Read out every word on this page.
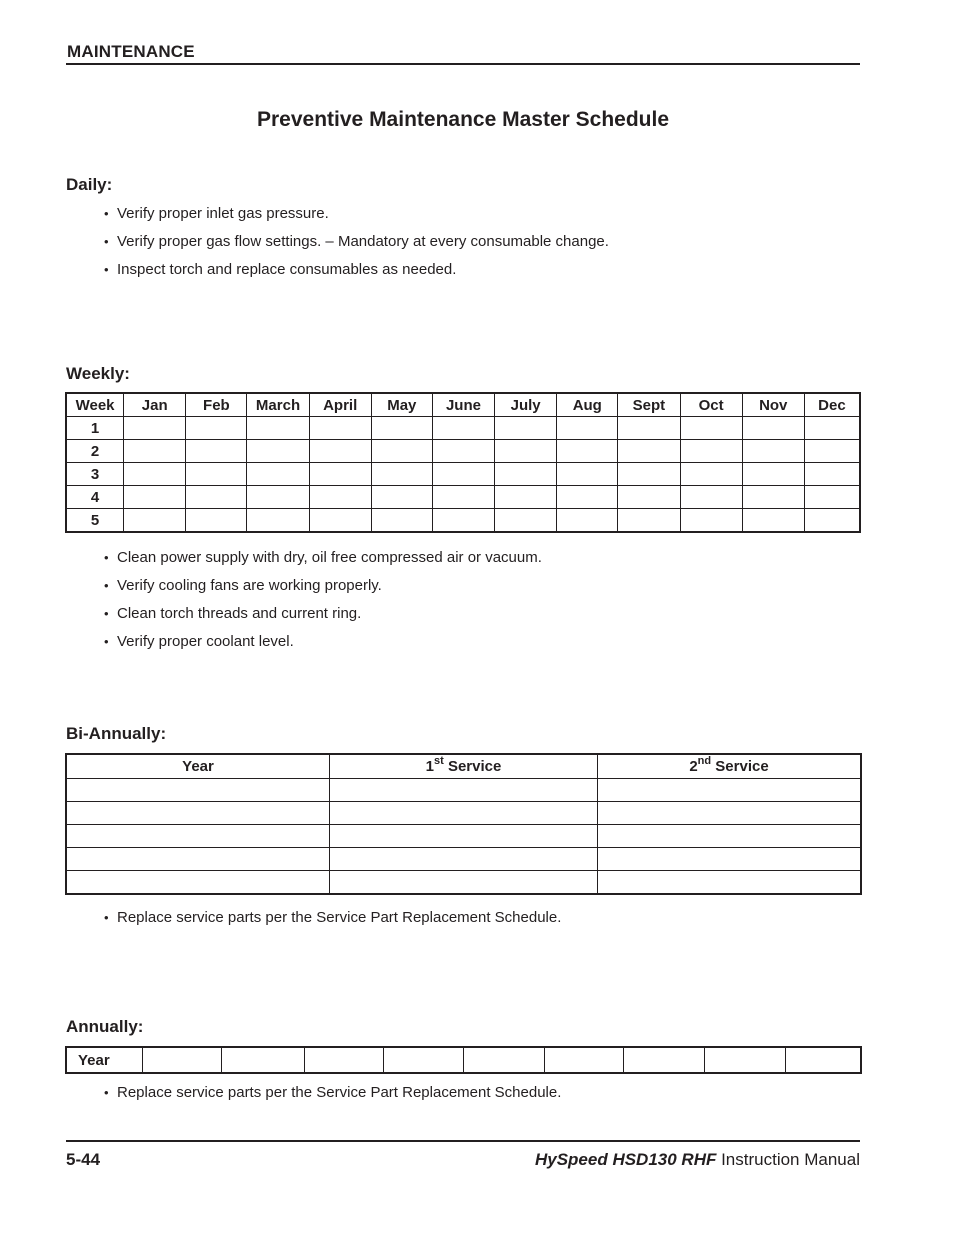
MAINTENANCE
Preventive Maintenance Master Schedule
Daily:
• Verify proper inlet gas pressure.
• Verify proper gas flow settings. – Mandatory at every consumable change.
• Inspect torch and replace consumables as needed.
Weekly:
Week	Jan	Feb	March	April	May	June	July	Aug	Sept	Oct	Nov	Dec
1												
2												
3												
4												
5												
• Clean power supply with dry, oil free compressed air or vacuum.
• Verify cooling fans are working properly.
• Clean torch threads and current ring.
• Verify proper coolant level.
Bi-Annually:
Year	1st Service	2nd Service

• Replace service parts per the Service Part Replacement Schedule.
Annually:
Year									
• Replace service parts per the Service Part Replacement Schedule.
5-44	HySpeed HSD130 RHF Instruction Manual
